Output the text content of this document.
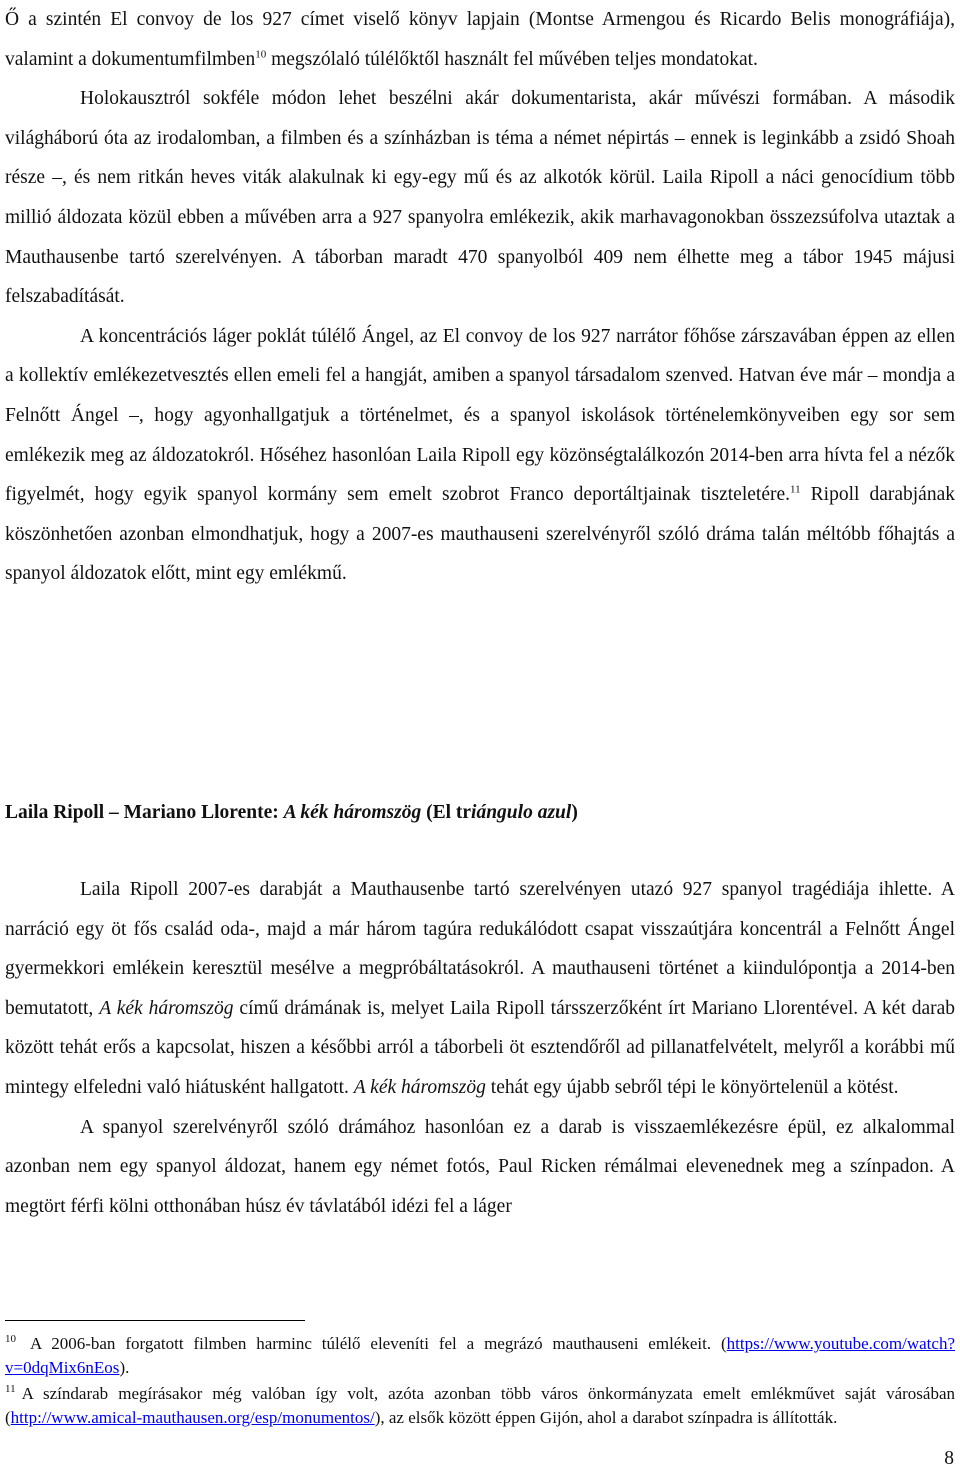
Ő a szintén El convoy de los 927 címet viselő könyv lapjain (Montse Armengou és Ricardo Belis monográfiája), valamint a dokumentumfilmben$^{10}$ megszólaló túlélőktől használt fel művében teljes mondatokat.

Holokausztról sokféle módon lehet beszélni akár dokumentarista, akár művészi formában. A második világháború óta az irodalomban, a filmben és a színházban is téma a német népirtás – ennek is leginkább a zsidó Shoah része –, és nem ritkán heves viták alakulnak ki egy-egy mű és az alkotók körül. Laila Ripoll a náci genocídium több millió áldozata közül ebben a művében arra a 927 spanyolra emlékezik, akik marhavagonokban összezsúfolva utaztak a Mauthausenbe tartó szerelvényen. A táborban maradt 470 spanyolból 409 nem élhette meg a tábor 1945 májusi felszabadítását.

A koncentrációs láger poklát túlélő Ángel, az El convoy de los 927 narrátor főhőse zárszavában éppen az ellen a kollektív emlékezetvesztés ellen emeli fel a hangját, amiben a spanyol társadalom szenved. Hatvan éve már – mondja a Felnőtt Ángel –, hogy agyonhallgatjuk a történelmet, és a spanyol iskolások történelemkönyveiben egy sor sem emlékezik meg az áldozatokról. Hőséhez hasonlóan Laila Ripoll egy közönségtalálkozón 2014-ben arra hívta fel a nézők figyelmét, hogy egyik spanyol kormány sem emelt szobrot Franco deportáltjainak tiszteletére.$^{11}$ Ripoll darabjának köszönhetően azonban elmondhatjuk, hogy a 2007-es mauthauseni szerelvényről szóló dráma talán méltóbb főhajtás a spanyol áldozatok előtt, mint egy emlékmű.

Laila Ripoll – Mariano Llorente: A kék háromszög (El triángulo azul)

Laila Ripoll 2007-es darabját a Mauthausenbe tartó szerelvényen utazó 927 spanyol tragédiája ihlette. A narráció egy öt fős család oda-, majd a már három tagúra redukálódott csapat visszaútjára koncentrál a Felnőtt Ángel gyermekkori emlékein keresztül mesélve a megpróbáltatásokról. A mauthauseni történet a kiindulópontja a 2014-ben bemutatott, A kék háromszög című drámának is, melyet Laila Ripoll társszerzőként írt Mariano Llorentével. A két darab között tehát erős a kapcsolat, hiszen a későbbi arról a táborbeli öt esztendőről ad pillanatfelvételt, melyről a korábbi mű mintegy elfeledni való hiátusként hallgatott. A kék háromszög tehát egy újabb sebről tépi le könyörtelenül a kötést.

A spanyol szerelvényről szóló drámához hasonlóan ez a darab is visszaemlékezésre épül, ez alkalommal azonban nem egy spanyol áldozat, hanem egy német fotós, Paul Ricken rémálmai elevenednek meg a színpadon. A megtört férfi kölni otthonában húsz év távlatából idézi fel a láger

$^{10}$ A 2006-ban forgatott filmben harminc túlélő eleveníti fel a megrázó mauthauseni emlékeit. (https://www.youtube.com/watch?v=0dqMix6nEos).

$^{11}$ A színdarab megírásakor még valóban így volt, azóta azonban több város önkormányzata emelt emlékművet saját városában (http://www.amical-mauthausen.org/esp/monumentos/), az elsők között éppen Gijón, ahol a darabot színpadra is állították.

8
